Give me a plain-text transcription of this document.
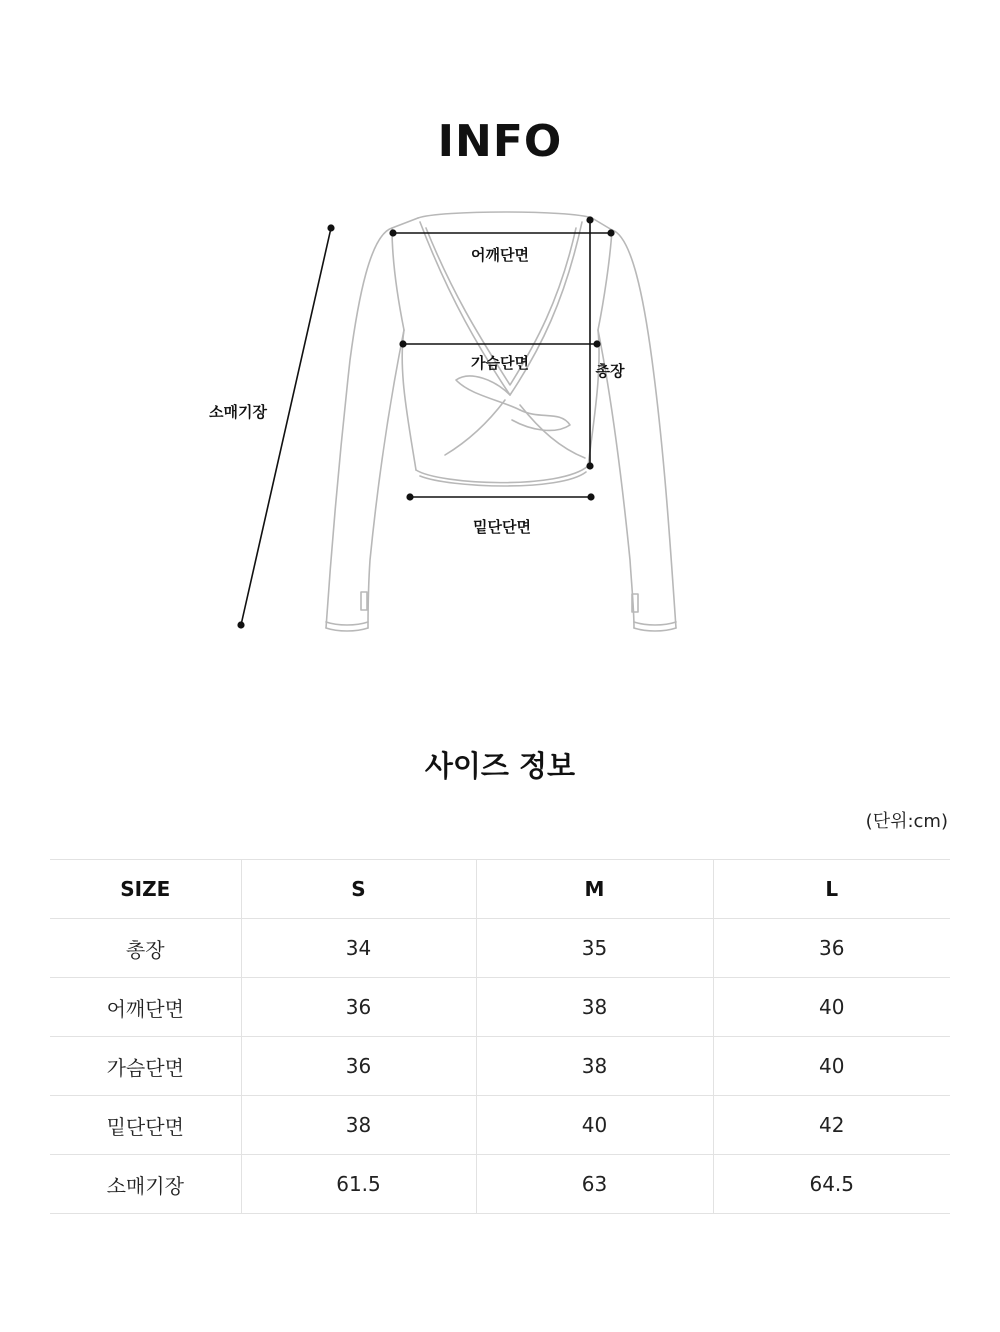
INFO
어깨단면
가슴단면	총장
소매기장
밑단단면
사이즈 정보
(단위:cm)
SIZE	S	M	L
총장	34	35	36
어깨단면	36	38	40
가슴단면	36	38	40
밑단단면	38	40	42
소매기장	61.5	63	64.5
